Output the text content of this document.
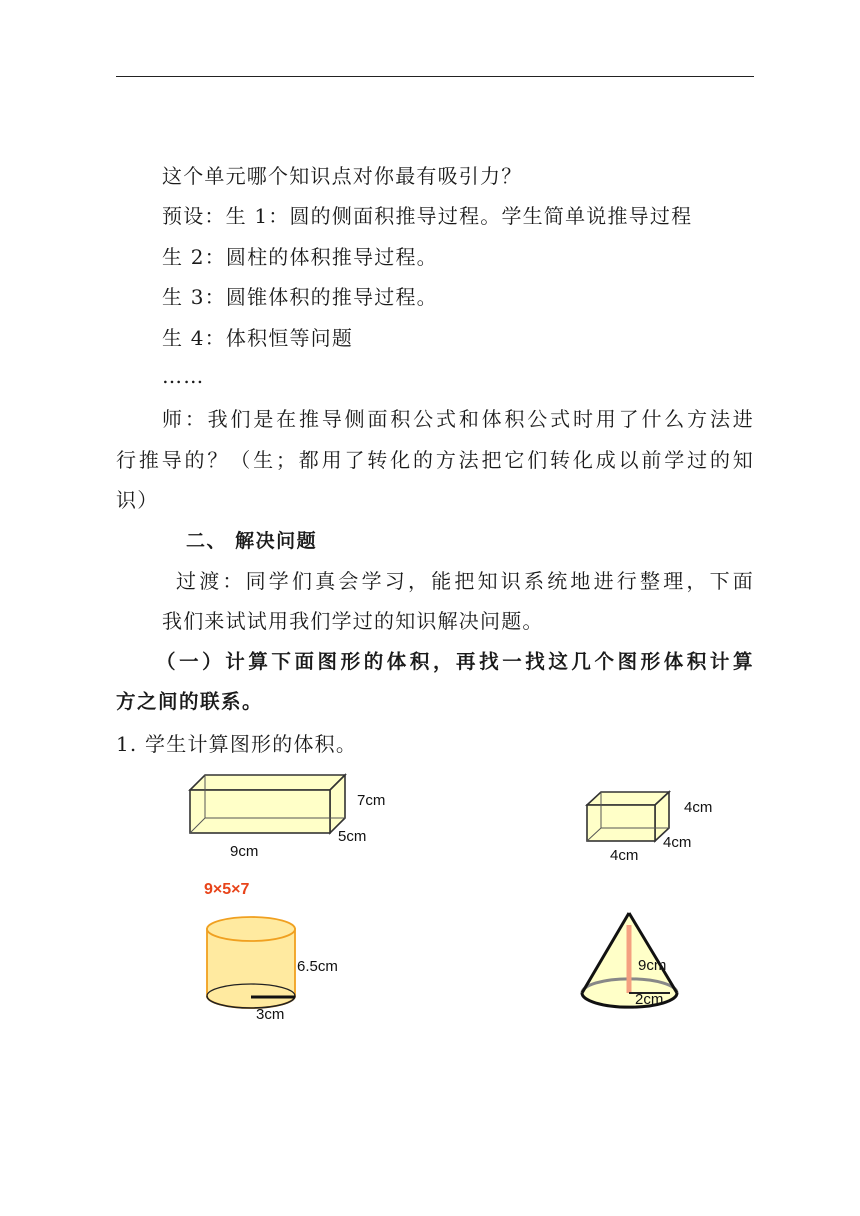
这个单元哪个知识点对你最有吸引力？
预设：生 1：圆的侧面积推导过程。学生简单说推导过程
生 2：圆柱的体积推导过程。
生 3：圆锥体积的推导过程。
生 4：体积恒等问题
……
师：我们是在推导侧面积公式和体积公式时用了什么方法进
行推导的？（生；都用了转化的方法把它们转化成以前学过的知
识）
二、 解决问题
过渡：同学们真会学习，能把知识系统地进行整理，下面
我们来试试用我们学过的知识解决问题。
（一）计算下面图形的体积，再找一找这几个图形体积计算
方之间的联系。
1. 学生计算图形的体积。
7cm
5cm
9cm
9×5×7
4cm
4cm
4cm
6.5cm
3cm
9cm
2cm
